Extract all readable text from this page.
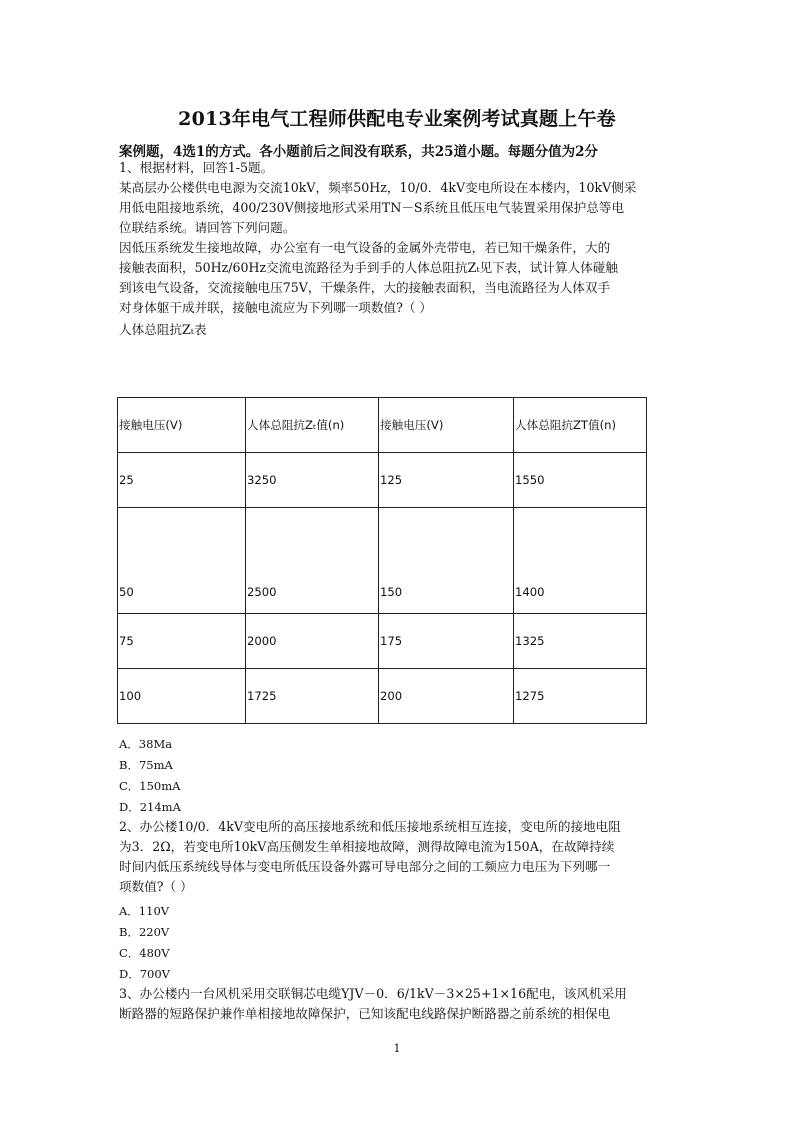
2013年电气工程师供配电专业案例考试真题上午卷
案例题，4选1的方式。各小题前后之间没有联系，共25道小题。每题分值为2分
1、根据材料，回答1-5题。
某高层办公楼供电电源为交流10kV，频率50Hz，10/0．4kV变电所设在本楼内，10kV侧采
用低电阻接地系统，400/230V侧接地形式采用TN－S系统且低压电气装置采用保护总等电
位联结系统。请回答下列问题。
因低压系统发生接地故障，办公室有一电气设备的金属外壳带电，若已知干燥条件，大的
接触表面积，50Hz/60Hz交流电流路径为手到手的人体总阻抗Zₜ见下表，试计算人体碰触
到该电气设备，交流接触电压75V，干燥条件，大的接触表面积，当电流路径为人体双手
对身体躯干成并联，接触电流应为下列哪一项数值?（ ）
人体总阻抗Zₜ表
接触电压(V)	人体总阻抗Zₜ值(n)	接触电压(V)	人体总阻抗ZT值(n)
25	3250	125	1550
50	2500	150	1400
75	2000	175	1325
100	1725	200	1275
A．38Ma
B．75mA
C．150mA
D．214mA
2、办公楼10/0．4kV变电所的高压接地系统和低压接地系统相互连接，变电所的接地电阻
为3．2Ω，若变电所10kV高压侧发生单相接地故障，测得故障电流为150A，在故障持续
时间内低压系统线导体与变电所低压设备外露可导电部分之间的工频应力电压为下列哪一
项数值?（ ）
A．110V
B．220V
C．480V
D．700V
3、办公楼内一台风机采用交联铜芯电缆YJV－0．6/1kV－3×25+1×16配电，该风机采用
断路器的短路保护兼作单相接地故障保护，已知该配电线路保护断路器之前系统的相保电
1
